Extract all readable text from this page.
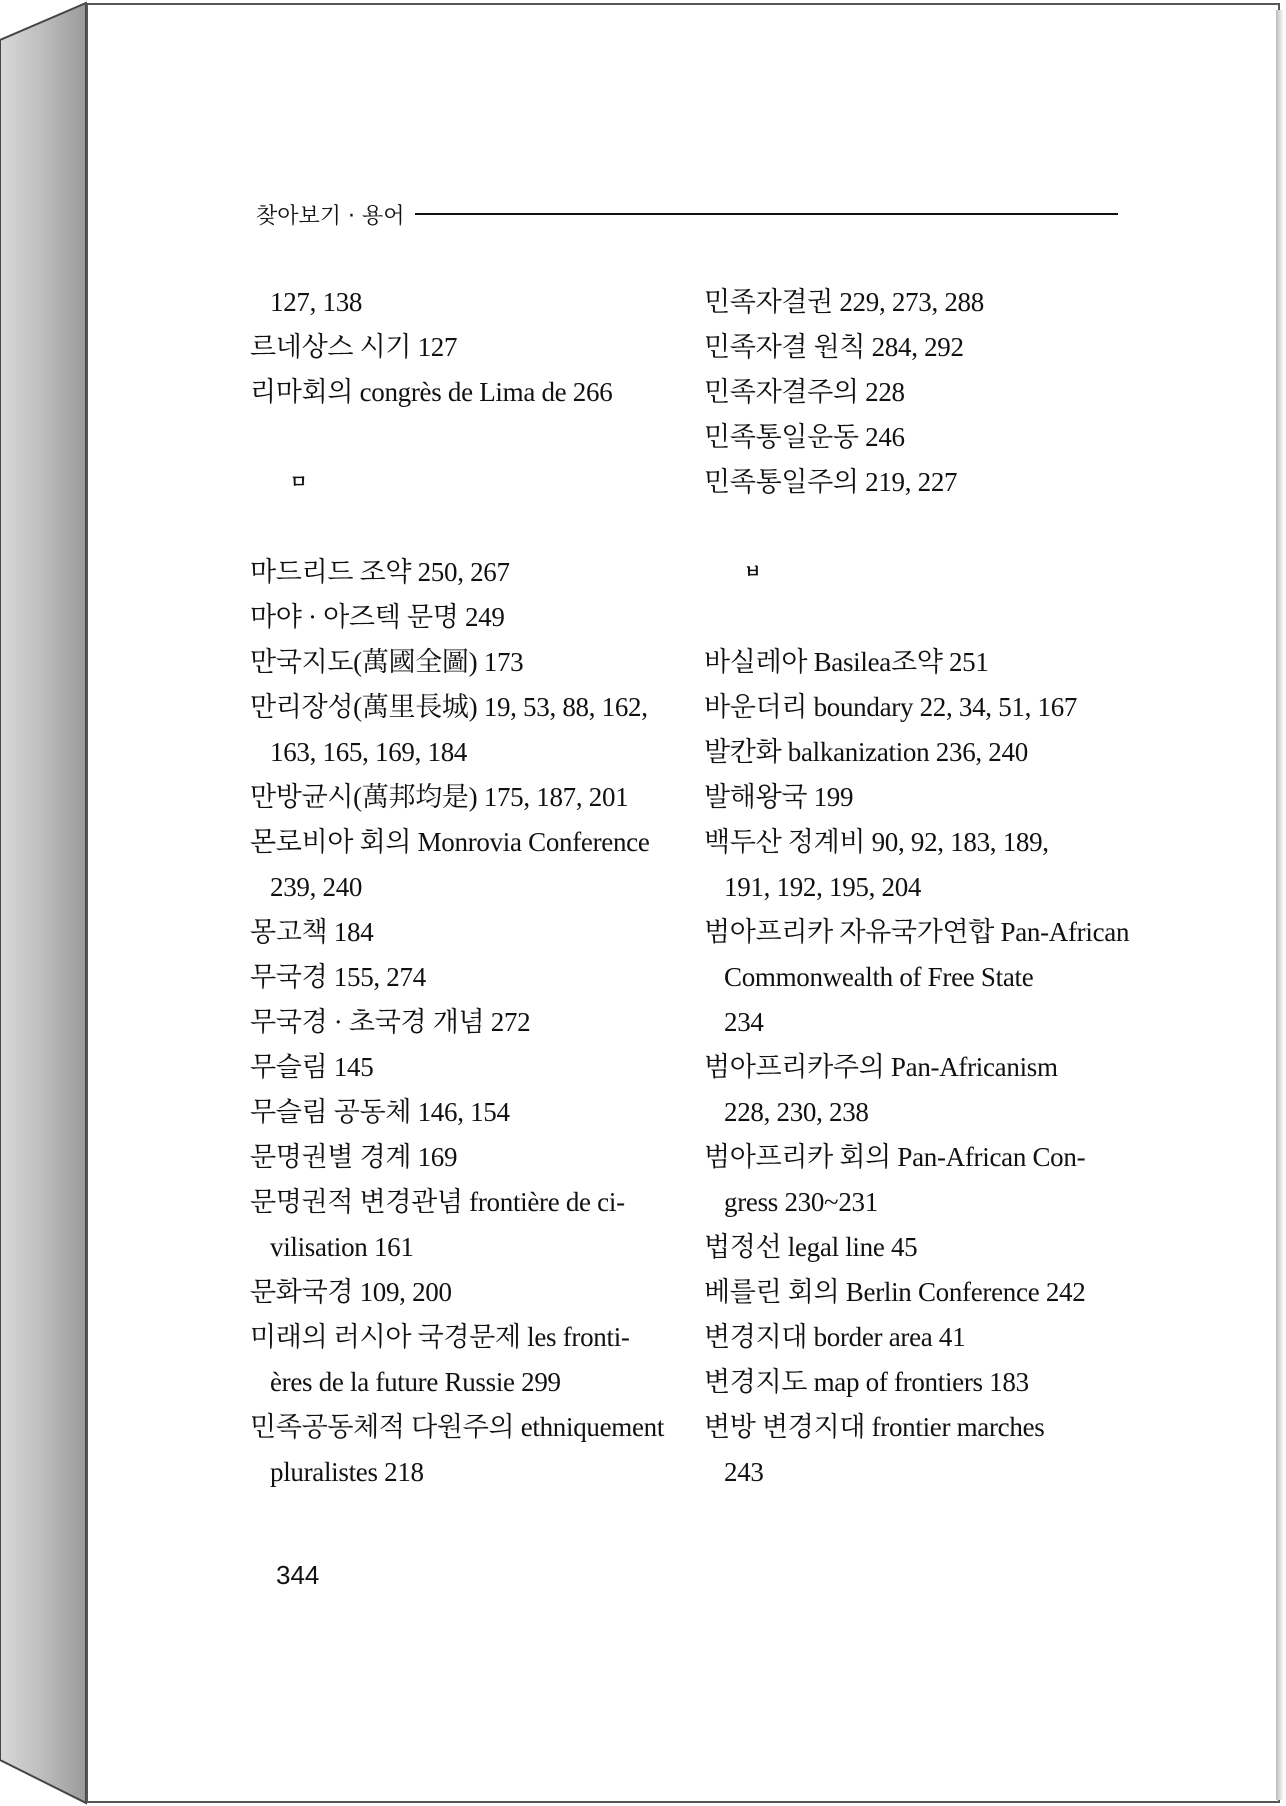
찾아보기 · 용어
127, 138
르네상스 시기 127
리마회의 congrès de Lima de 266
ㅁ
마드리드 조약 250, 267
마야 · 아즈텍 문명 249
만국지도(萬國全圖) 173
만리장성(萬里長城) 19, 53, 88, 162,
163, 165, 169, 184
만방균시(萬邦均是) 175, 187, 201
몬로비아 회의 Monrovia Conference
239, 240
몽고책 184
무국경 155, 274
무국경 · 초국경 개념 272
무슬림 145
무슬림 공동체 146, 154
문명권별 경계 169
문명권적 변경관념 frontière de ci-
vilisation 161
문화국경 109, 200
미래의 러시아 국경문제 les fronti-
ères de la future Russie 299
민족공동체적 다원주의 ethniquement
pluralistes 218
민족자결권 229, 273, 288
민족자결 원칙 284, 292
민족자결주의 228
민족통일운동 246
민족통일주의 219, 227
ㅂ
바실레아 Basilea조약 251
바운더리 boundary 22, 34, 51, 167
발칸화 balkanization 236, 240
발해왕국 199
백두산 정계비 90, 92, 183, 189,
191, 192, 195, 204
범아프리카 자유국가연합 Pan-African
Commonwealth of Free State
234
범아프리카주의 Pan-Africanism
228, 230, 238
범아프리카 회의 Pan-African Con-
gress 230~231
법정선 legal line 45
베를린 회의 Berlin Conference 242
변경지대 border area 41
변경지도 map of frontiers 183
변방 변경지대 frontier marches
243
344
